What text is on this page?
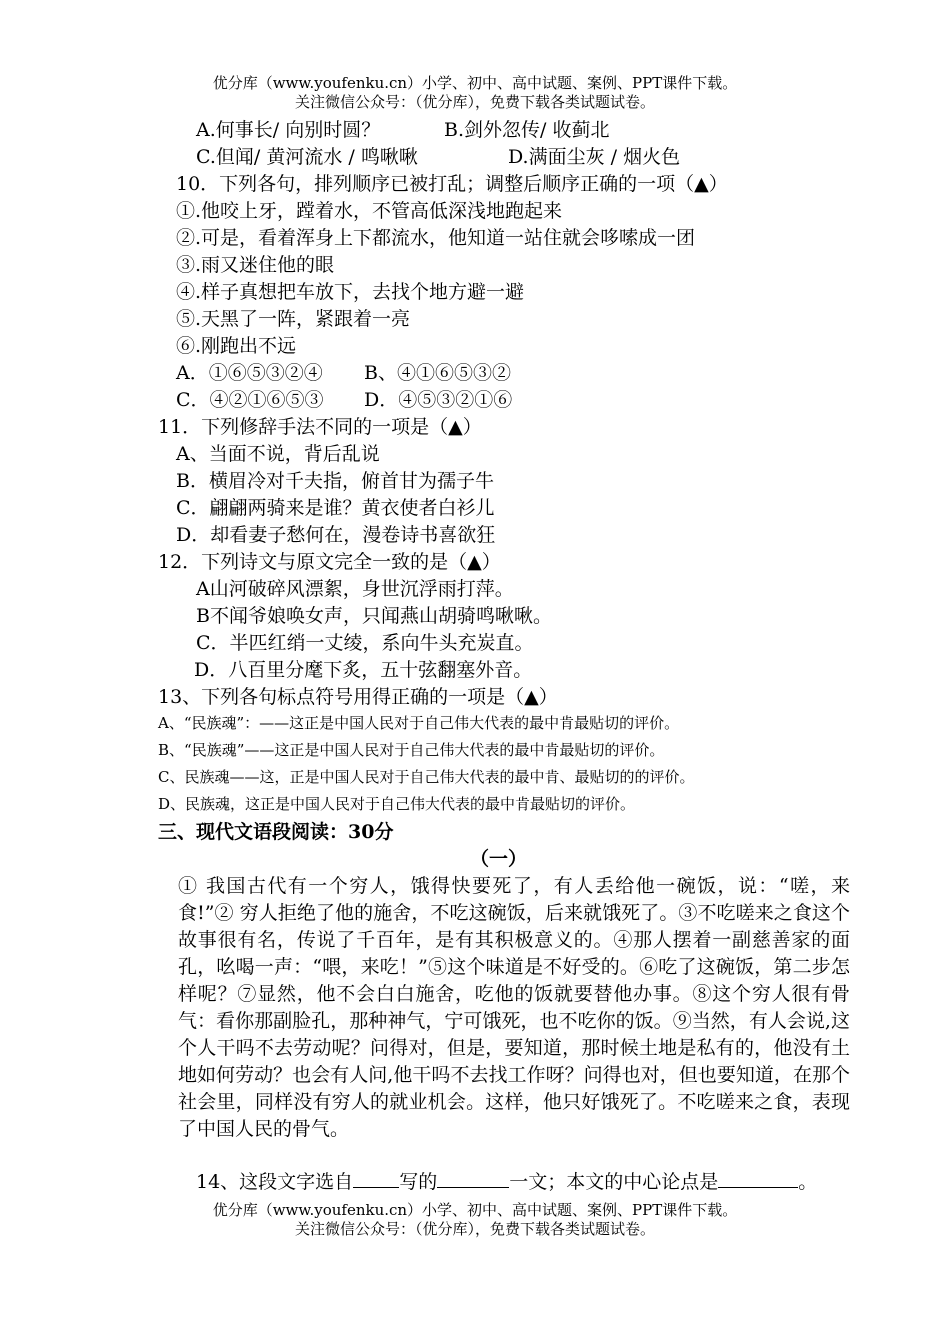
优分库（www.youfenku.cn）小学、初中、高中试题、案例、PPT课件下载。
关注微信公众号：（优分库），免费下载各类试题试卷。
A.何事长/ 向别时圆？	B.剑外忽传/ 收蓟北
C.但闻/ 黄河流水 / 鸣啾啾	D.满面尘灰 / 烟火色
10．下列各句，排列顺序已被打乱；调整后顺序正确的一项（▲）
①.他咬上牙，蹚着水，不管高低深浅地跑起来
②.可是，看着浑身上下都流水，他知道一站住就会哆嗦成一团
③.雨又迷住他的眼
④.样子真想把车放下，去找个地方避一避
⑤.天黑了一阵，紧跟着一亮
⑥.刚跑出不远
A．①⑥⑤③②④ B、④①⑥⑤③②
C．④②①⑥⑤③ D．④⑤③②①⑥
11．下列修辞手法不同的一项是（▲）
A、当面不说，背后乱说
B．横眉冷对千夫指，俯首甘为孺子牛
C．翩翩两骑来是谁？黄衣使者白衫儿
D．却看妻子愁何在，漫卷诗书喜欲狂
12．下列诗文与原文完全一致的是（▲）
A山河破碎风漂絮，身世沉浮雨打萍。
B不闻爷娘唤女声，只闻燕山胡骑鸣啾啾。
C．半匹红绡一丈绫，系向牛头充炭直。
D．八百里分麾下炙，五十弦翻塞外音。
13、下列各句标点符号用得正确的一项是（▲）
A、“民族魂”：——这正是中国人民对于自己伟大代表的最中肯最贴切的评价。
B、“民族魂”——这正是中国人民对于自己伟大代表的最中肯最贴切的评价。
C、民族魂——这，正是中国人民对于自己伟大代表的最中肯、最贴切的的评价。
D、民族魂，这正是中国人民对于自己伟大代表的最中肯最贴切的评价。
三、现代文语段阅读：30分
（一）
① 我国古代有一个穷人，饿得快要死了，有人丢给他一碗饭，说：“嗟，来食!”② 穷人拒绝了他的施舍，不吃这碗饭，后来就饿死了。③不吃嗟来之食这个故事很有名，传说了千百年，是有其积极意义的。④那人摆着一副慈善家的面孔，吆喝一声：“喂，来吃！”⑤这个味道是不好受的。⑥吃了这碗饭，第二步怎样呢？⑦显然，他不会白白施舍，吃他的饭就要替他办事。⑧这个穷人很有骨气：看你那副脸孔，那种神气，宁可饿死，也不吃你的饭。⑨当然，有人会说,这个人干吗不去劳动呢？问得对，但是，要知道，那时候土地是私有的，他没有土地如何劳动？也会有人问,他干吗不去找工作呀？问得也对，但也要知道，在那个社会里，同样没有穷人的就业机会。这样，他只好饿死了。不吃嗟来之食，表现了中国人民的骨气。
14、这段文字选自 写的	一文；本文的中心论点是	。
优分库（www.youfenku.cn）小学、初中、高中试题、案例、PPT课件下载。
关注微信公众号：（优分库），免费下载各类试题试卷。
